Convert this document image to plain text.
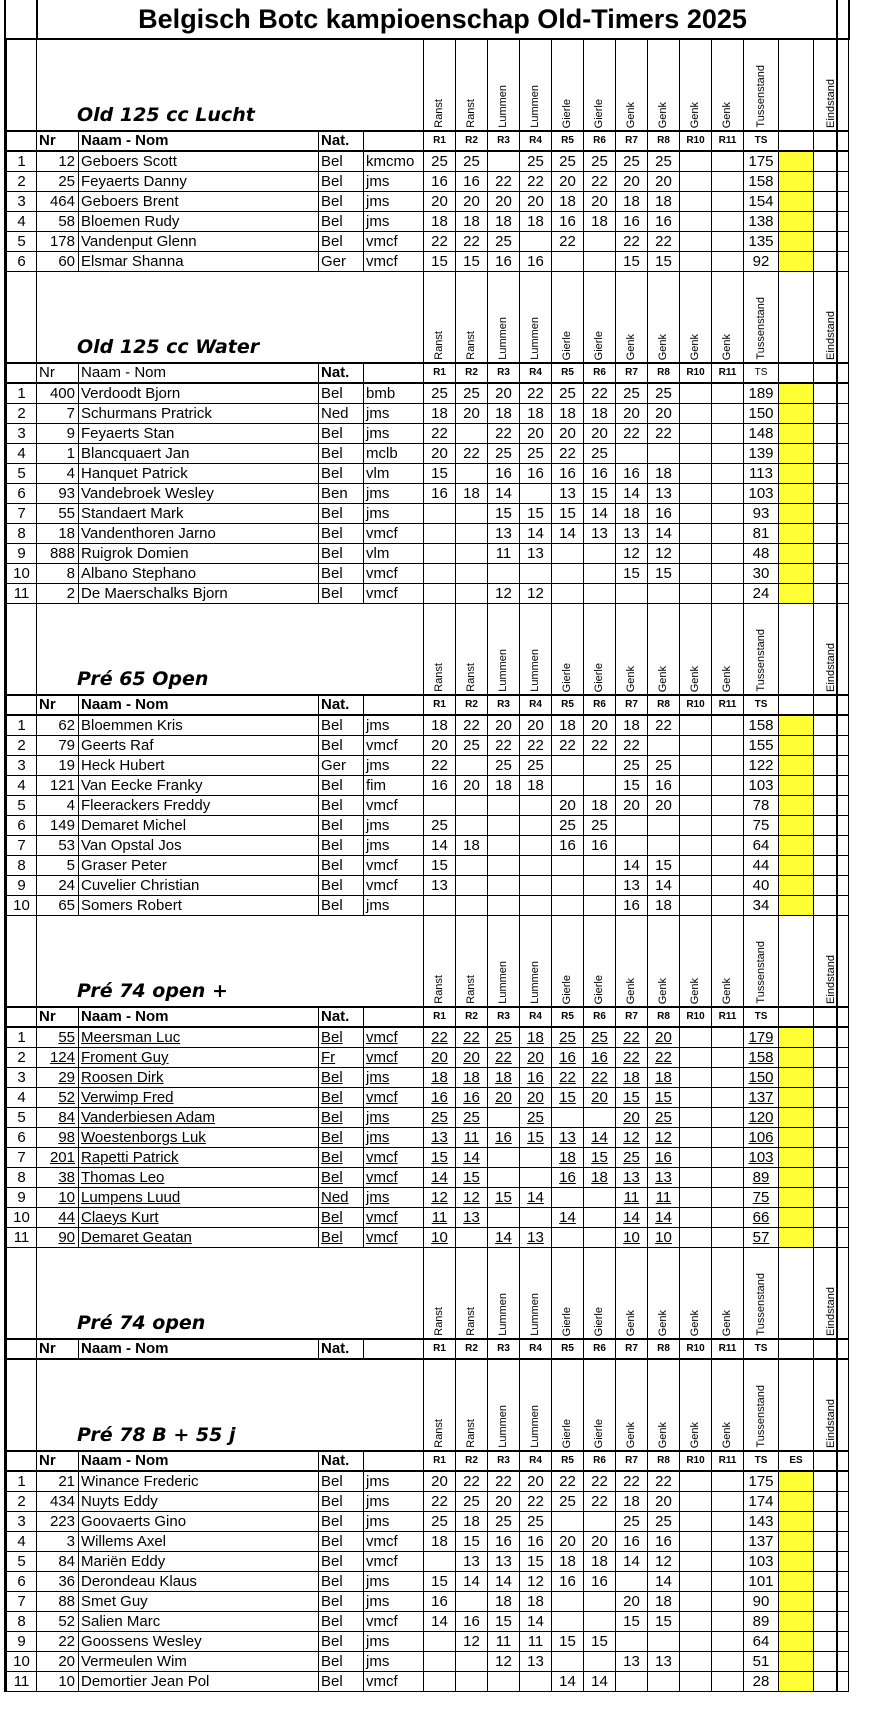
	Belgisch Botc kampioenschap Old-Timers 2025																
	Old 125 cc Lucht				Ranst	Ranst	Lummen	Lummen	Gierle	Gierle	Genk	Genk	Genk	Genk	Tussenstand		Eindstand

	Nr	Naam - Nom	Nat.		R1	R2	R3	R4	R5	R6	R7	R8	R10	R11	TS		
1	12	Geboers Scott	Bel	kmcmo	25	25		25	25	25	25	25			175		
2	25	Feyaerts Danny	Bel	jms	16	16	22	22	20	22	20	20			158		
3	464	Geboers Brent	Bel	jms	20	20	20	20	18	20	18	18			154		
4	58	Bloemen Rudy	Bel	jms	18	18	18	18	16	18	16	16			138		
5	178	Vandenput Glenn	Bel	vmcf	22	22	25		22		22	22			135		
6	60	Elsmar Shanna	Ger	vmcf	15	15	16	16			15	15			92		
	Old 125 cc Water				Ranst	Ranst	Lummen	Lummen	Gierle	Gierle	Genk	Genk	Genk	Genk	Tussenstand		Eindstand

	Nr	Naam - Nom	Nat.		R1	R2	R3	R4	R5	R6	R7	R8	R10	R11	TS		
1	400	Verdoodt Bjorn	Bel	bmb	25	25	20	22	25	22	25	25			189		
2	7	Schurmans Pratrick	Ned	jms	18	20	18	18	18	18	20	20			150		
3	9	Feyaerts Stan	Bel	jms	22		22	20	20	20	22	22			148		
4	1	Blancquaert Jan	Bel	mclb	20	22	25	25	22	25					139		
5	4	Hanquet Patrick	Bel	vlm	15		16	16	16	16	16	18			113		
6	93	Vandebroek Wesley	Ben	jms	16	18	14		13	15	14	13			103		
7	55	Standaert Mark	Bel	jms			15	15	15	14	18	16			93		
8	18	Vandenthoren Jarno	Bel	vmcf			13	14	14	13	13	14			81		
9	888	Ruigrok Domien	Bel	vlm			11	13			12	12			48		
10	8	Albano Stephano	Bel	vmcf							15	15			30		
11	2	De Maerschalks Bjorn	Bel	vmcf			12	12							24		
	Pré 65 Open				Ranst	Ranst	Lummen	Lummen	Gierle	Gierle	Genk	Genk	Genk	Genk	Tussenstand		Eindstand

	Nr	Naam - Nom	Nat.		R1	R2	R3	R4	R5	R6	R7	R8	R10	R11	TS		
1	62	Bloemmen Kris	Bel	jms	18	22	20	20	18	20	18	22			158		
2	79	Geerts Raf	Bel	vmcf	20	25	22	22	22	22	22				155		
3	19	Heck Hubert	Ger	jms	22		25	25			25	25			122		
4	121	Van Eecke Franky	Bel	fim	16	20	18	18			15	16			103		
5	4	Fleerackers Freddy	Bel	vmcf					20	18	20	20			78		
6	149	Demaret Michel	Bel	jms	25				25	25					75		
7	53	Van Opstal Jos	Bel	jms	14	18			16	16					64		
8	5	Graser Peter	Bel	vmcf	15						14	15			44		
9	24	Cuvelier Christian	Bel	vmcf	13						13	14			40		
10	65	Somers Robert	Bel	jms							16	18			34		
	Pré 74 open +				Ranst	Ranst	Lummen	Lummen	Gierle	Gierle	Genk	Genk	Genk	Genk	Tussenstand		Eindstand

	Nr	Naam - Nom	Nat.		R1	R2	R3	R4	R5	R6	R7	R8	R10	R11	TS		
1	55	Meersman Luc	Bel	vmcf	22	22	25	18	25	25	22	20			179		
2	124	Froment Guy	Fr	vmcf	20	20	22	20	16	16	22	22			158		
3	29	Roosen Dirk	Bel	jms	18	18	18	16	22	22	18	18			150		
4	52	Verwimp Fred	Bel	vmcf	16	16	20	20	15	20	15	15			137		
5	84	Vanderbiesen Adam	Bel	jms	25	25		25			20	25			120		
6	98	Woestenborgs Luk	Bel	jms	13	11	16	15	13	14	12	12			106		
7	201	Rapetti Patrick	Bel	vmcf	15	14			18	15	25	16			103		
8	38	Thomas Leo	Bel	vmcf	14	15			16	18	13	13			89		
9	10	Lumpens Luud	Ned	jms	12	12	15	14			11	11			75		
10	44	Claeys Kurt	Bel	vmcf	11	13			14		14	14			66		
11	90	Demaret Geatan	Bel	vmcf	10		14	13			10	10			57		
	Pré 74 open				Ranst	Ranst	Lummen	Lummen	Gierle	Gierle	Genk	Genk	Genk	Genk	Tussenstand		Eindstand

	Nr	Naam - Nom	Nat.		R1	R2	R3	R4	R5	R6	R7	R8	R10	R11	TS		
	Pré 78 B + 55 j				Ranst	Ranst	Lummen	Lummen	Gierle	Gierle	Genk	Genk	Genk	Genk	Tussenstand		Eindstand

	Nr	Naam - Nom	Nat.		R1	R2	R3	R4	R5	R6	R7	R8	R10	R11	TS	ES	
1	21	Winance Frederic	Bel	jms	20	22	22	20	22	22	22	22			175		
2	434	Nuyts Eddy	Bel	jms	22	25	20	22	25	22	18	20			174		
3	223	Goovaerts Gino	Bel	jms	25	18	25	25			25	25			143		
4	3	Willems Axel	Bel	vmcf	18	15	16	16	20	20	16	16			137		
5	84	Mariën Eddy	Bel	vmcf		13	13	15	18	18	14	12			103		
6	36	Derondeau Klaus	Bel	jms	15	14	14	12	16	16		14			101		
7	88	Smet Guy	Bel	jms	16		18	18			20	18			90		
8	52	Salien Marc	Bel	vmcf	14	16	15	14			15	15			89		
9	22	Goossens Wesley	Bel	jms		12	11	11	15	15					64		
10	20	Vermeulen Wim	Bel	jms			12	13			13	13			51		
11	10	Demortier Jean Pol	Bel	vmcf					14	14					28		
